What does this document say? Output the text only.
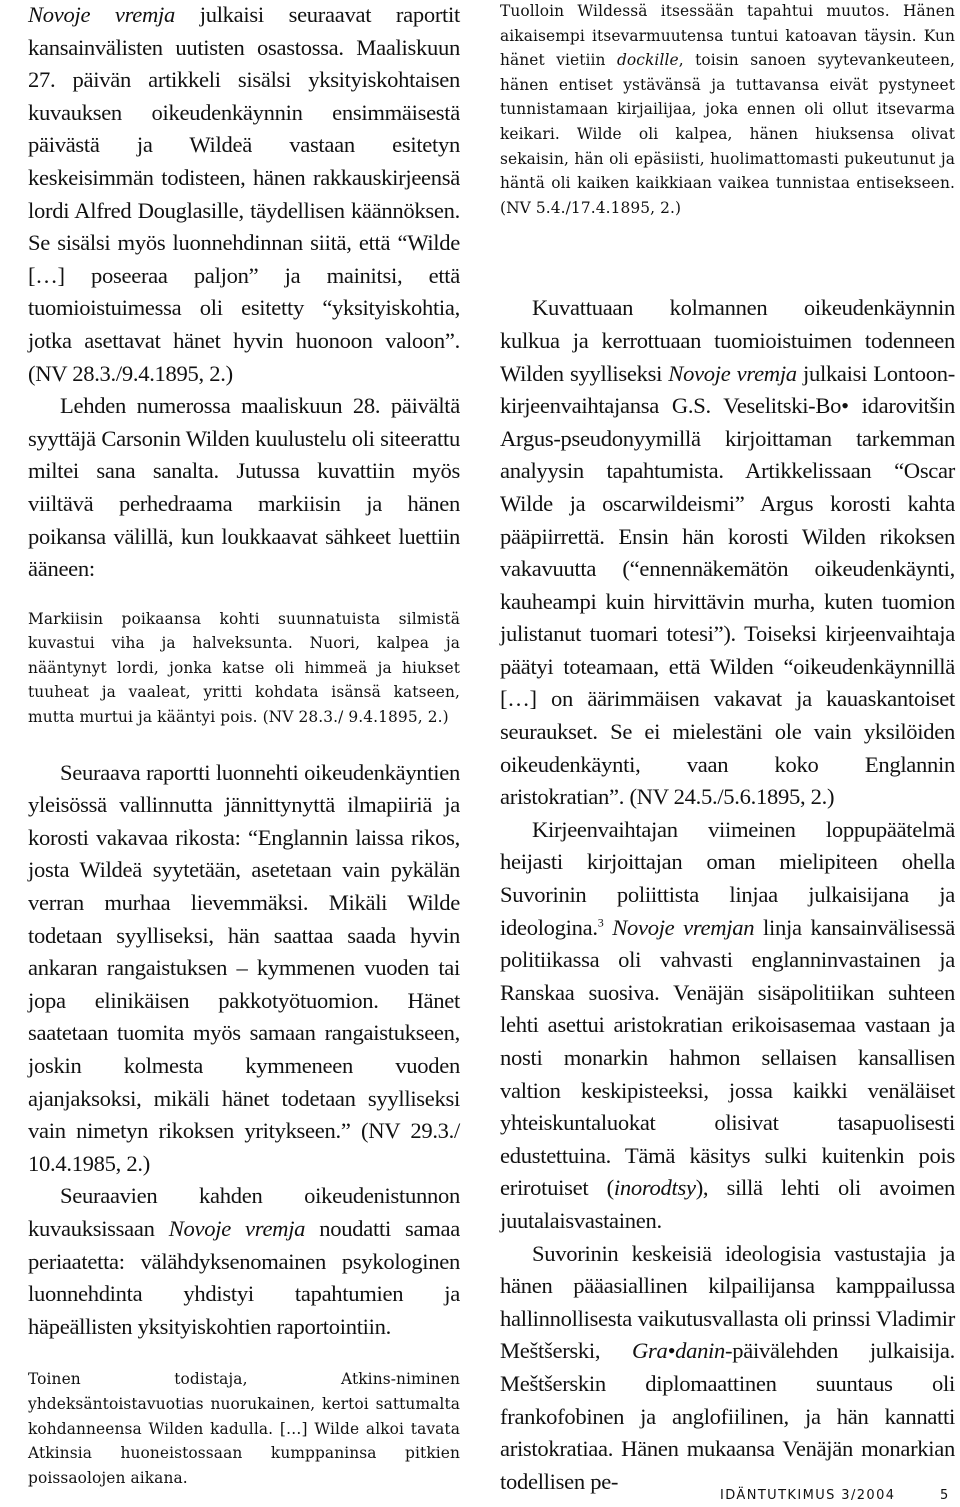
Novoje vremja julkaisi seuraavat raportit kansainvälisten uutisten osastossa. Maaliskuun 27. päivän artikkeli sisälsi yksityiskohtaisen kuvauksen oikeudenkäynnin ensimmäisestä päivästä ja Wildeä vastaan esitetyn keskeisimmän todisteen, hänen rakkauskirjeensä lordi Alfred Douglasille, täydellisen käännöksen. Se sisälsi myös luonnehdinnan siitä, että “Wilde […] poseeraa paljon” ja mainitsi, että tuomioistuimessa oli esitetty “yksityiskohtia, jotka asettavat hänet hyvin huonoon valoon”. (NV 28.3./9.4.1895, 2.)

Lehden numerossa maaliskuun 28. päivältä syyttäjä Carsonin Wilden kuulustelu oli siteerattu miltei sana sanalta. Jutussa kuvattiin myös viiltävä perhedraama markiisin ja hänen poikansa välillä, kun loukkaavat sähkeet luettiin ääneen:

Markiisin poikaansa kohti suunnatuista silmistä kuvastui viha ja halveksunta. Nuori, kalpea ja nääntynyt lordi, jonka katse oli himmeä ja hiukset tuuheat ja vaaleat, yritti kohdata isänsä katseen, mutta murtui ja kääntyi pois. (NV 28.3./ 9.4.1895, 2.)

Seuraava raportti luonnehti oikeudenkäyntien yleisössä vallinnutta jännittynyttä ilmapiiriä ja korosti vakavaa rikosta: “Englannin laissa rikos, josta Wildeä syytetään, asetetaan vain pykälän verran murhaa lievemmäksi. Mikäli Wilde todetaan syylliseksi, hän saattaa saada hyvin ankaran rangaistuksen – kymmenen vuoden tai jopa elinikäisen pakkotyötuomion. Hänet saatetaan tuomita myös samaan rangaistukseen, joskin kolmesta kymmeneen vuoden ajanjaksoksi, mikäli hänet todetaan syylliseksi vain nimetyn rikoksen yritykseen.” (NV 29.3./ 10.4.1985, 2.)

Seuraavien kahden oikeudenistunnon kuvauksissaan Novoje vremja noudatti samaa periaatetta: välähdyksenomainen psykologinen luonnehdinta yhdistyi tapahtumien ja häpeällisten yksityiskohtien raportointiin.

Toinen todistaja, Atkins-niminen yhdeksäntoistavuotias nuorukainen, kertoi sattumalta kohdanneensa Wilden kadulla. […] Wilde alkoi tavata Atkinsia huoneistossaan kumppaninsa pitkien poissaolojen aikana.

Tuolloin Wildessä itsessään tapahtui muutos. Hänen aikaisempi itsevarmuutensa tuntui katoavan täysin. Kun hänet vietiin dockille, toisin sanoen syytevankeuteen, hänen entiset ystävänsä ja tuttavansa eivät pystyneet tunnistamaan kirjailijaa, joka ennen oli ollut itsevarma keikari. Wilde oli kalpea, hänen hiuksensa olivat sekaisin, hän oli epäsiisti, huolimattomasti pukeutunut ja häntä oli kaiken kaikkiaan vaikea tunnistaa entisekseen. (NV 5.4./17.4.1895, 2.)

Kuvattuaan kolmannen oikeudenkäynnin kulkua ja kerrottuaan tuomioistuimen todenneen Wilden syylliseksi Novoje vremja julkaisi Lontoon-kirjeenvaihtajansa G.S. Veselitski-Bo• idarovitšin Argus-pseudonyymillä kirjoittaman tarkemman analyysin tapahtumista. Artikkelissaan “Oscar Wilde ja oscarwildeismi” Argus korosti kahta pääpiirrettä. Ensin hän korosti Wilden rikoksen vakavuutta (“ennennäkemätön oikeudenkäynti, kauheampi kuin hirvittävin murha, kuten tuomion julistanut tuomari totesi”). Toiseksi kirjeenvaihtaja päätyi toteamaan, että Wilden “oikeudenkäynnillä […] on äärimmäisen vakavat ja kauaskantoiset seuraukset. Se ei mielestäni ole vain yksilöiden oikeudenkäynti, vaan koko Englannin aristokratian”. (NV 24.5./5.6.1895, 2.)

Kirjeenvaihtajan viimeinen loppupäätelmä heijasti kirjoittajan oman mielipiteen ohella Suvorinin poliittista linjaa julkaisijana ja ideologina.$^3$ Novoje vremjan linja kansainvälisessä politiikassa oli vahvasti englanninvastainen ja Ranskaa suosiva. Venäjän sisäpolitiikan suhteen lehti asettui aristokratian erikoisasemaa vastaan ja nosti monarkin hahmon sellaisen kansallisen valtion keskipisteeksi, jossa kaikki venäläiset yhteiskuntaluokat olisivat tasapuolisesti edustettuina. Tämä käsitys sulki kuitenkin pois erirotuiset (inorodtsy), sillä lehti oli avoimen juutalaisvastainen.

Suvorinin keskeisiä ideologisia vastustajia ja hänen pääasiallinen kilpailijansa kamppailussa hallinnollisesta vaikutusvallasta oli prinssi Vladimir Meštšerski, Gra•danin-päivälehden julkaisija. Meštšerskin diplomaattinen suuntaus oli frankofobinen ja anglofiilinen, ja hän kannatti aristokratiaa. Hänen mukaansa Venäjän monarkian todellisen pe-

IDÄNTUTKIMUS 3/2004	5
